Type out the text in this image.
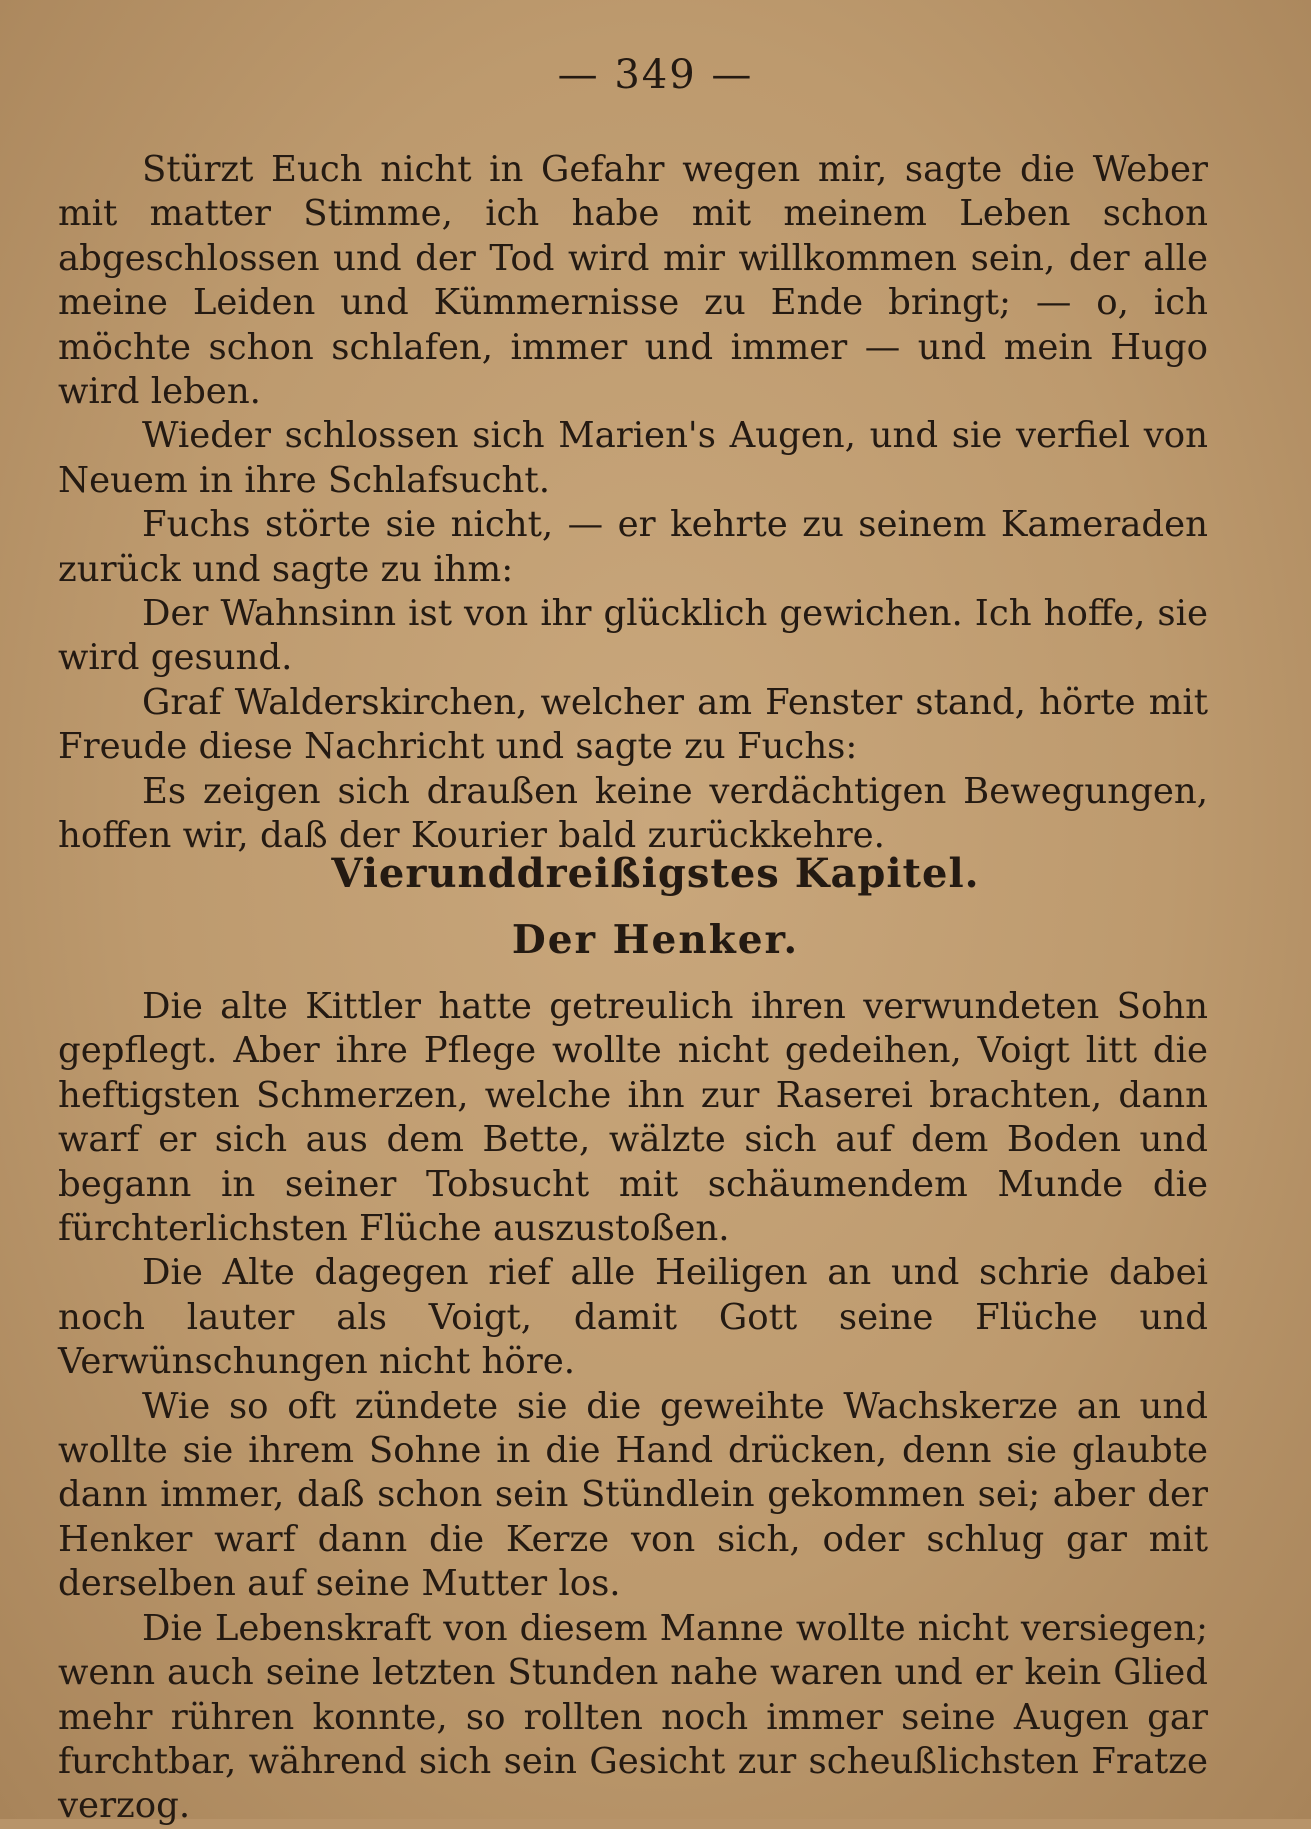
— 349 —

Stürzt Euch nicht in Gefahr wegen mir, sagte die Weber mit matter Stimme, ich habe mit meinem Leben schon abgeschlossen und der Tod wird mir willkommen sein, der alle meine Leiden und Kümmernisse zu Ende bringt; — o, ich möchte schon schlafen, immer und immer — und mein Hugo wird leben.

Wieder schlossen sich Marien's Augen, und sie verfiel von Neuem in ihre Schlafsucht.

Fuchs störte sie nicht, — er kehrte zu seinem Kameraden zurück und sagte zu ihm:

Der Wahnsinn ist von ihr glücklich gewichen. Ich hoffe, sie wird gesund.

Graf Walderskirchen, welcher am Fenster stand, hörte mit Freude diese Nachricht und sagte zu Fuchs:

Es zeigen sich draußen keine verdächtigen Bewegungen, hoffen wir, daß der Kourier bald zurückkehre.

Vierunddreißigstes Kapitel.
Der Henker.

Die alte Kittler hatte getreulich ihren verwundeten Sohn gepflegt. Aber ihre Pflege wollte nicht gedeihen, Voigt litt die heftigsten Schmerzen, welche ihn zur Raserei brachten, dann warf er sich aus dem Bette, wälzte sich auf dem Boden und begann in seiner Tobsucht mit schäumendem Munde die fürchterlichsten Flüche auszustoßen.

Die Alte dagegen rief alle Heiligen an und schrie dabei noch lauter als Voigt, damit Gott seine Flüche und Verwünschungen nicht höre.

Wie so oft zündete sie die geweihte Wachskerze an und wollte sie ihrem Sohne in die Hand drücken, denn sie glaubte dann immer, daß schon sein Stündlein gekommen sei; aber der Henker warf dann die Kerze von sich, oder schlug gar mit derselben auf seine Mutter los.

Die Lebenskraft von diesem Manne wollte nicht versiegen; wenn auch seine letzten Stunden nahe waren und er kein Glied mehr rühren konnte, so rollten noch immer seine Augen gar furchtbar, während sich sein Gesicht zur scheußlichsten Fratze verzog.
